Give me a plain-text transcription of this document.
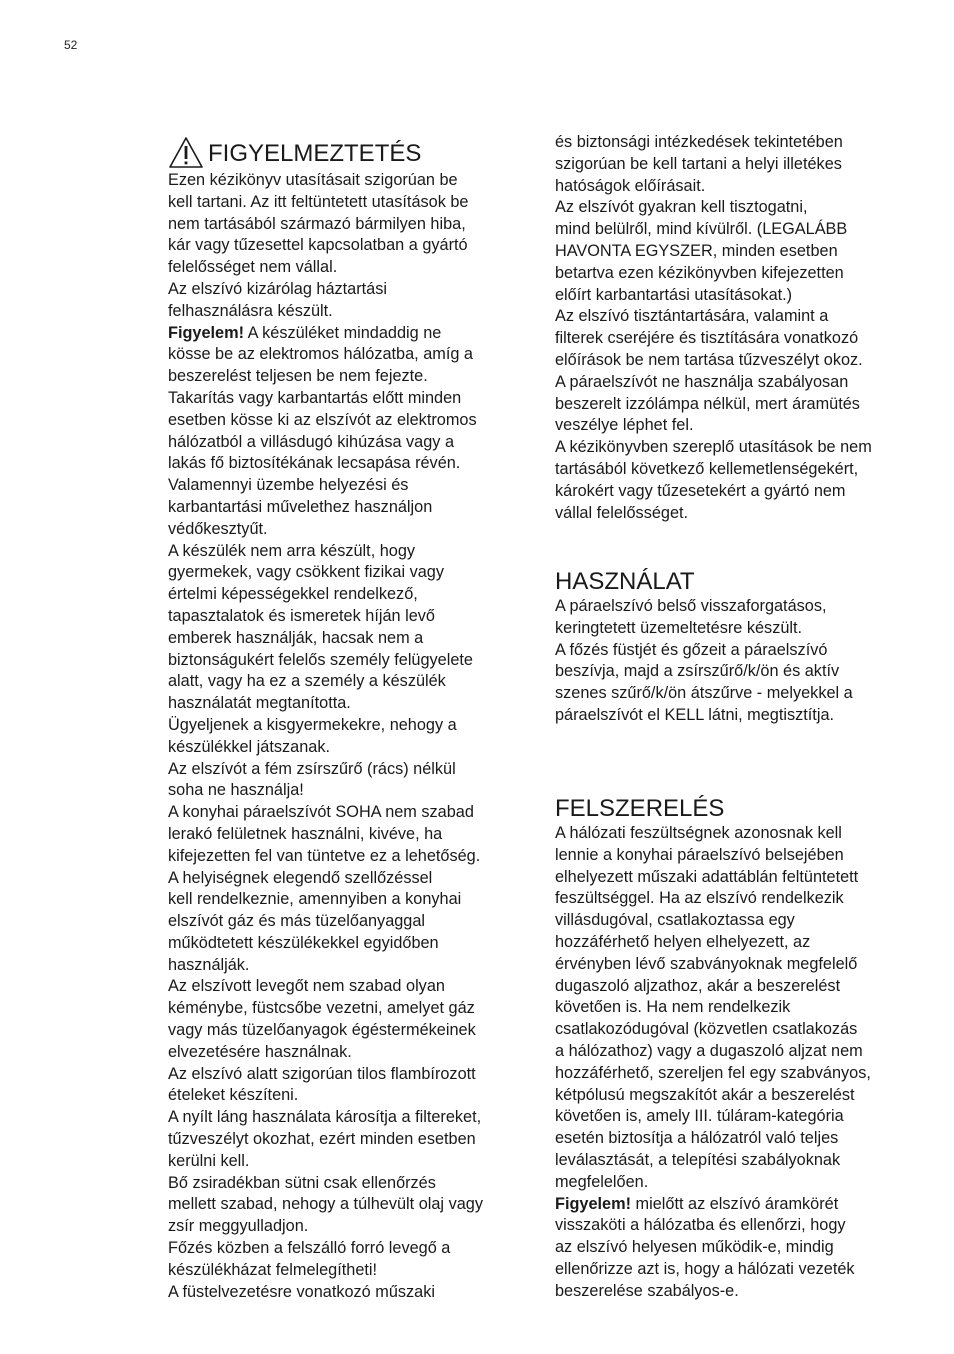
52
FIGYELMEZTETÉS
Ezen kézikönyv utasításait szigorúan be
kell tartani. Az itt feltüntetett utasítások be
nem tartásából származó bármilyen hiba,
kár vagy tűzesettel kapcsolatban a gyártó
felelősséget nem vállal.
Az elszívó kizárólag háztartási
felhasználásra készült.
Figyelem! A készüléket mindaddig ne
kösse be az elektromos hálózatba, amíg a
beszerelést teljesen be nem fejezte.
Takarítás vagy karbantartás előtt minden
esetben kösse ki az elszívót az elektromos
hálózatból a villásdugó kihúzása vagy a
lakás fő biztosítékának lecsapása révén.
Valamennyi üzembe helyezési és
karbantartási művelethez használjon
védőkesztyűt.
A készülék nem arra készült, hogy
gyermekek, vagy csökkent fizikai vagy
értelmi képességekkel rendelkező,
tapasztalatok és ismeretek híján levő
emberek használják, hacsak nem a
biztonságukért felelős személy felügyelete
alatt, vagy ha ez a személy a készülék
használatát megtanította.
Ügyeljenek a kisgyermekekre, nehogy a
készülékkel játszanak.
Az elszívót a fém zsírszűrő (rács) nélkül
soha ne használja!
A konyhai páraelszívót SOHA nem szabad
lerakó felületnek használni, kivéve, ha
kifejezetten fel van tüntetve ez a lehetőség.
A helyiségnek elegendő szellőzéssel
kell rendelkeznie, amennyiben a konyhai
elszívót gáz és más tüzelőanyaggal
működtetett készülékekkel egyidőben
használják.
Az elszívott levegőt nem szabad olyan
kéménybe, füstcsőbe vezetni, amelyet gáz
vagy más tüzelőanyagok égéstermékeinek
elvezetésére használnak.
Az elszívó alatt szigorúan tilos flambírozott
ételeket készíteni.
A nyílt láng használata károsítja a filtereket,
tűzveszélyt okozhat, ezért minden esetben
kerülni kell.
Bő zsiradékban sütni csak ellenőrzés
mellett szabad, nehogy a túlhevült olaj vagy
zsír meggyulladjon.
Főzés közben a felszálló forró levegő a
készülékházat felmelegítheti!
A füstelvezetésre vonatkozó műszaki
és biztonsági intézkedések tekintetében
szigorúan be kell tartani a helyi illetékes
hatóságok előírásait.
Az elszívót gyakran kell tisztogatni,
mind belülről, mind kívülről. (LEGALÁBB
HAVONTA EGYSZER, minden esetben
betartva ezen kézikönyvben kifejezetten
előírt karbantartási utasításokat.)
Az elszívó tisztántartására, valamint a
filterek cseréjére és tisztítására vonatkozó
előírások be nem tartása tűzveszélyt okoz.
A páraelszívót ne használja szabályosan
beszerelt izzólámpa nélkül, mert áramütés
veszélye léphet fel.
A kézikönyvben szereplő utasítások be nem
tartásából következő kellemetlenségekért,
károkért vagy tűzesetekért a gyártó nem
vállal felelősséget.
HASZNÁLAT
A páraelszívó belső visszaforgatásos,
keringtetett üzemeltetésre készült.
A főzés füstjét és gőzeit a páraelszívó
beszívja, majd a zsírszűrő/k/ön és aktív
szenes szűrő/k/ön átszűrve - melyekkel a
páraelszívót el KELL látni, megtisztítja.
FELSZERELÉS
A hálózati feszültségnek azonosnak kell
lennie a konyhai páraelszívó belsejében
elhelyezett műszaki adattáblán feltüntetett
feszültséggel. Ha az elszívó rendelkezik
villásdugóval, csatlakoztassa egy
hozzáférhető helyen elhelyezett, az
érvényben lévő szabványoknak megfelelő
dugaszoló aljzathoz, akár a beszerelést
követően is. Ha nem rendelkezik
csatlakozódugóval (közvetlen csatlakozás
a hálózathoz) vagy a dugaszoló aljzat nem
hozzáférhető, szereljen fel egy szabványos,
kétpólusú megszakítót akár a beszerelést
követően is, amely III. túláram-kategória
esetén biztosítja a hálózatról való teljes
leválasztását, a telepítési szabályoknak
megfelelően.
Figyelem! mielőtt az elszívó áramkörét
visszaköti a hálózatba és ellenőrzi, hogy
az elszívó helyesen működik-e, mindig
ellenőrizze azt is, hogy a hálózati vezeték
beszerelése szabályos-e.
